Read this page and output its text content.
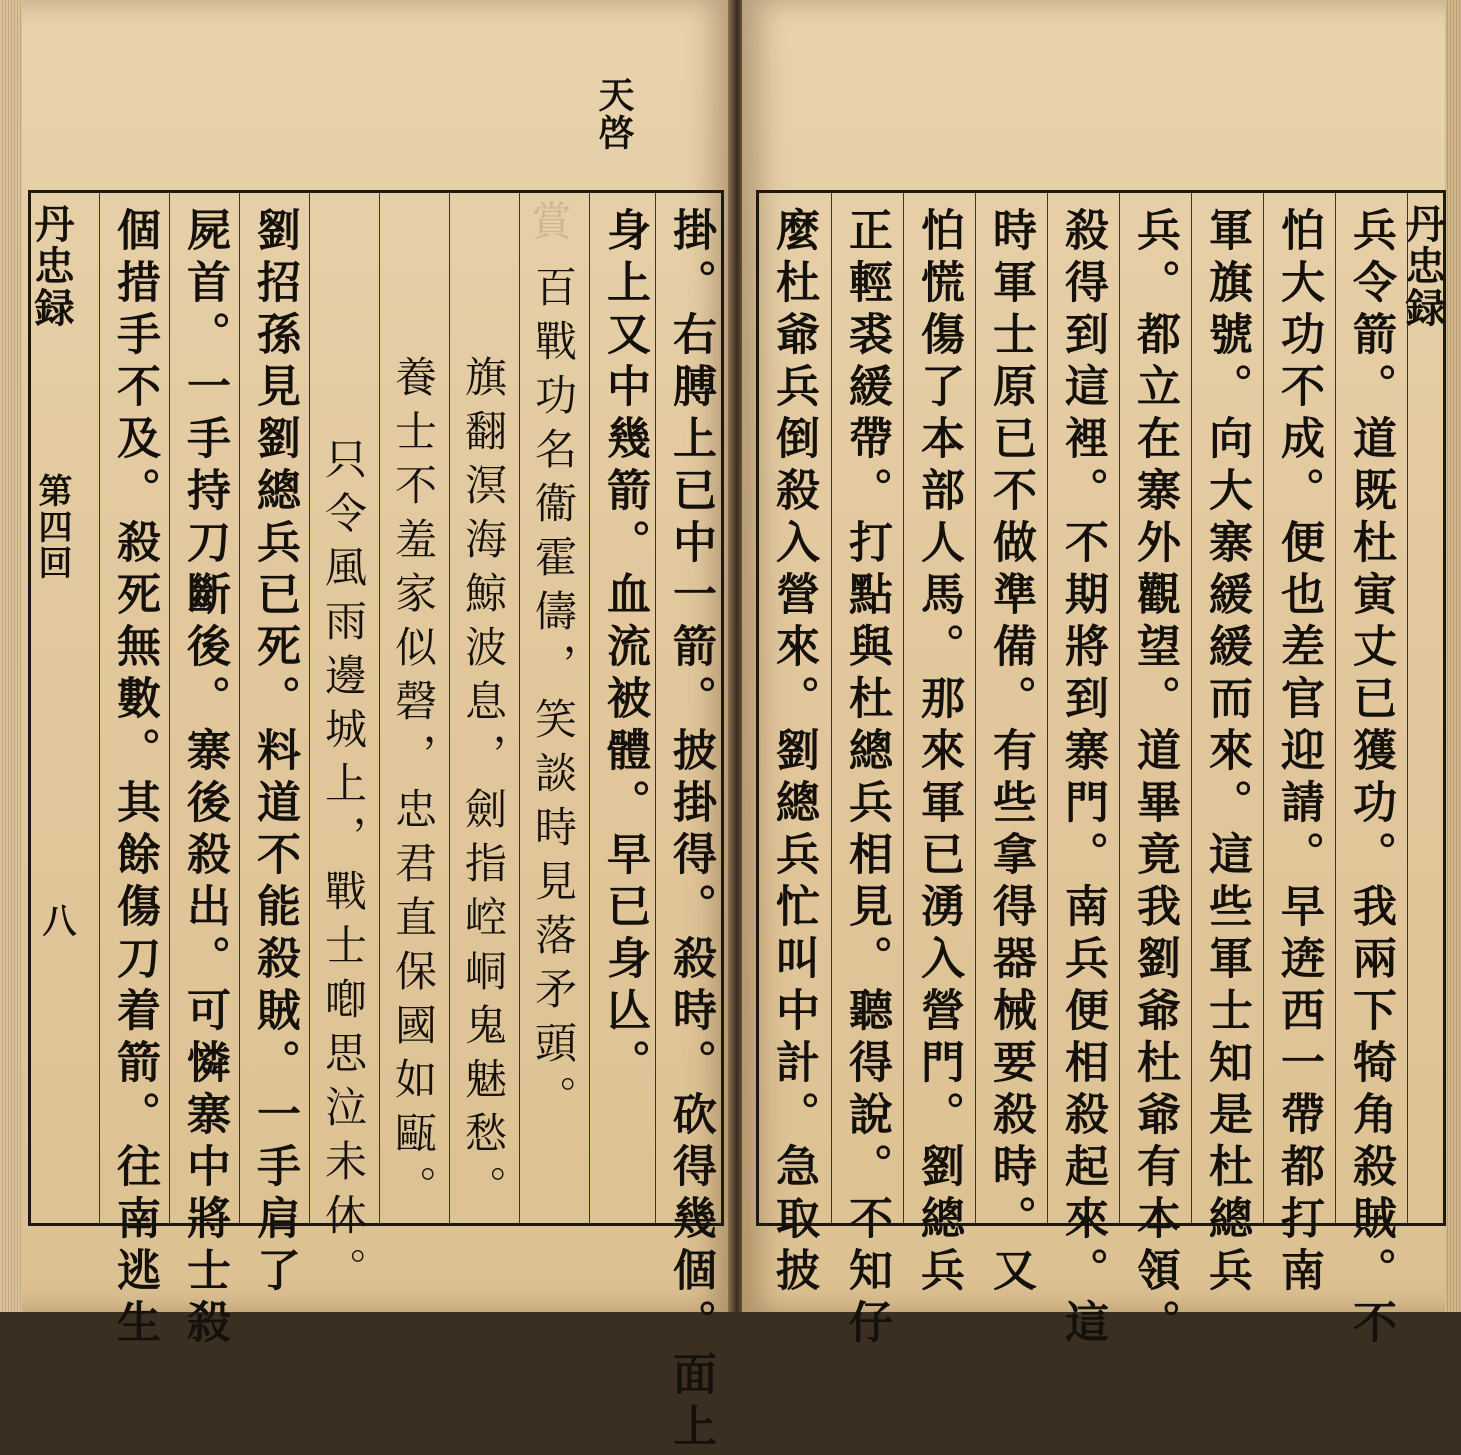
天啓
賞
丹忠録
第四回
八 個措手不及。殺死無數。其餘傷刀着箭。往南逃生 屍首。一手持刀斷後。寨後殺出。可憐寨中將士殺 劉招孫見劉總兵已死。料道不能殺賊。一手肩了 只令風雨邊城上，戰士喞思泣未休。 養士不羞家似磬，忠君直保國如甌。 旗翻溟海鯨波息，劍指崆峒鬼魅愁。 百戰功名衞霍儔，笑談時見落矛頭。 身上又中幾箭。血流被體。早已身亾。 掛。右膊上已中一箭。披掛得。殺時。砍得幾個。面上 麼杜爺兵倒殺入營來。劉總兵忙叫中計。急取披 正輕裘緩帶。打點與杜總兵相見。聽得說。不知仔 怕慌傷了本部人馬。那來軍已湧入營門。劉總兵 時軍士原已不做準備。有些拿得器械要殺時。又 殺得到這裡。不期將到寨門。南兵便相殺起來。這 兵。都立在寨外觀望。道畢竟我劉爺杜爺有本領。 軍旗號。向大寨緩緩而來。這些軍士知是杜總兵 怕大功不成。便也差官迎請。早逩西一帶都打南 兵令箭。道既杜寅丈已獲功。我兩下犄角殺賊。不 丹忠録
